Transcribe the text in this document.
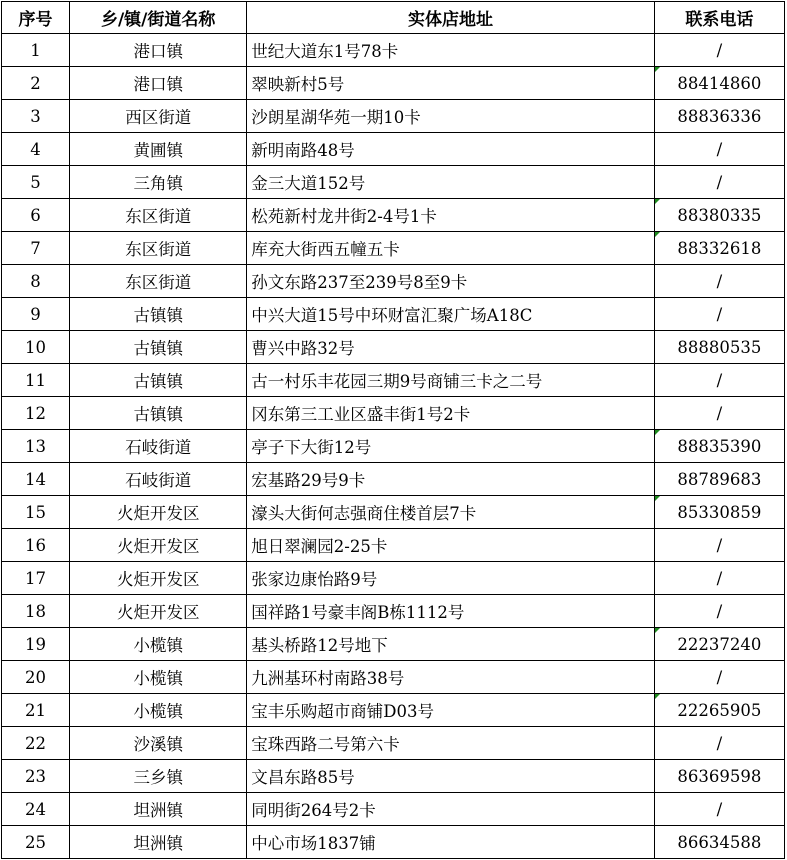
序号	乡/镇/街道名称	实体店地址	联系电话
1	港口镇	世纪大道东1号78卡	/
2	港口镇	翠映新村5号	88414860
3	西区街道	沙朗星湖华苑一期10卡	88836336
4	黄圃镇	新明南路48号	/
5	三角镇	金三大道152号	/
6	东区街道	松苑新村龙井街2-4号1卡	88380335
7	东区街道	库充大街西五幢五卡	88332618
8	东区街道	孙文东路237至239号8至9卡	/
9	古镇镇	中兴大道15号中环财富汇聚广场A18C	/
10	古镇镇	曹兴中路32号	88880535
11	古镇镇	古一村乐丰花园三期9号商铺三卡之二号	/
12	古镇镇	冈东第三工业区盛丰街1号2卡	/
13	石岐街道	亭子下大街12号	88835390
14	石岐街道	宏基路29号9卡	88789683
15	火炬开发区	濠头大街何志强商住楼首层7卡	85330859
16	火炬开发区	旭日翠澜园2-25卡	/
17	火炬开发区	张家边康怡路9号	/
18	火炬开发区	国祥路1号豪丰阁B栋1112号	/
19	小榄镇	基头桥路12号地下	22237240
20	小榄镇	九洲基环村南路38号	/
21	小榄镇	宝丰乐购超市商铺D03号	22265905
22	沙溪镇	宝珠西路二号第六卡	/
23	三乡镇	文昌东路85号	86369598
24	坦洲镇	同明街264号2卡	/
25	坦洲镇	中心市场1837铺	86634588
